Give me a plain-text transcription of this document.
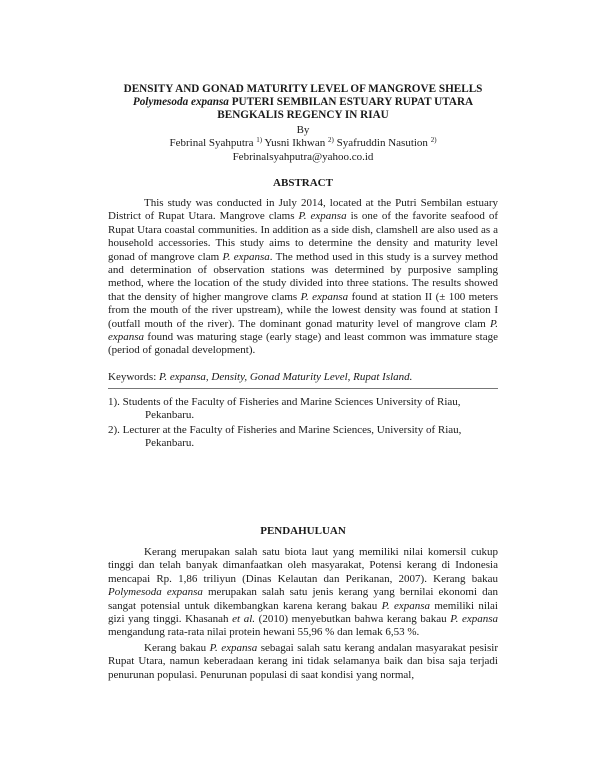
DENSITY AND GONAD MATURITY LEVEL OF MANGROVE SHELLS
Polymesoda expansa PUTERI SEMBILAN ESTUARY RUPAT UTARA
BENGKALIS REGENCY IN RIAU
By
Febrinal Syahputra $^{1)}$ Yusni Ikhwan $^{2)}$ Syafruddin Nasution $^{2)}$
Febrinalsyahputra@yahoo.co.id
ABSTRACT

This study was conducted in July 2014, located at the Putri Sembilan estuary District of Rupat Utara. Mangrove clams P. expansa is one of the favorite seafood of Rupat Utara coastal communities. In addition as a side dish, clamshell are also used as a household accessories. This study aims to determine the density and maturity level gonad of mangrove clam P. expansa. The method used in this study is a survey method and determination of observation stations was determined by purposive sampling method, where the location of the study divided into three stations. The results showed that the density of higher mangrove clams P. expansa found at station II (± 100 meters from the mouth of the river upstream), while the lowest density was found at station I (outfall mouth of the river). The dominant gonad maturity level of mangrove clam P. expansa found was maturing stage (early stage) and least common was immature stage (period of gonadal development).

Keywords: P. expansa, Density, Gonad Maturity Level, Rupat Island.
1). Students of the Faculty of Fisheries and Marine Sciences University of Riau, Pekanbaru.
2). Lecturer at the Faculty of Fisheries and Marine Sciences, University of Riau, Pekanbaru.
PENDAHULUAN

Kerang merupakan salah satu biota laut yang memiliki nilai komersil cukup tinggi dan telah banyak dimanfaatkan oleh masyarakat, Potensi kerang di Indonesia mencapai Rp. 1,86 triliyun (Dinas Kelautan dan Perikanan, 2007). Kerang bakau Polymesoda expansa merupakan salah satu jenis kerang yang bernilai ekonomi dan sangat potensial untuk dikembangkan karena kerang bakau P. expansa memiliki nilai gizi yang tinggi. Khasanah et al. (2010) menyebutkan bahwa kerang bakau P. expansa mengandung rata-rata nilai protein hewani 55,96 % dan lemak 6,53 %.

Kerang bakau P. expansa sebagai salah satu kerang andalan masyarakat pesisir Rupat Utara, namun keberadaan kerang ini tidak selamanya baik dan bisa saja terjadi penurunan populasi. Penurunan populasi di saat kondisi yang normal,
